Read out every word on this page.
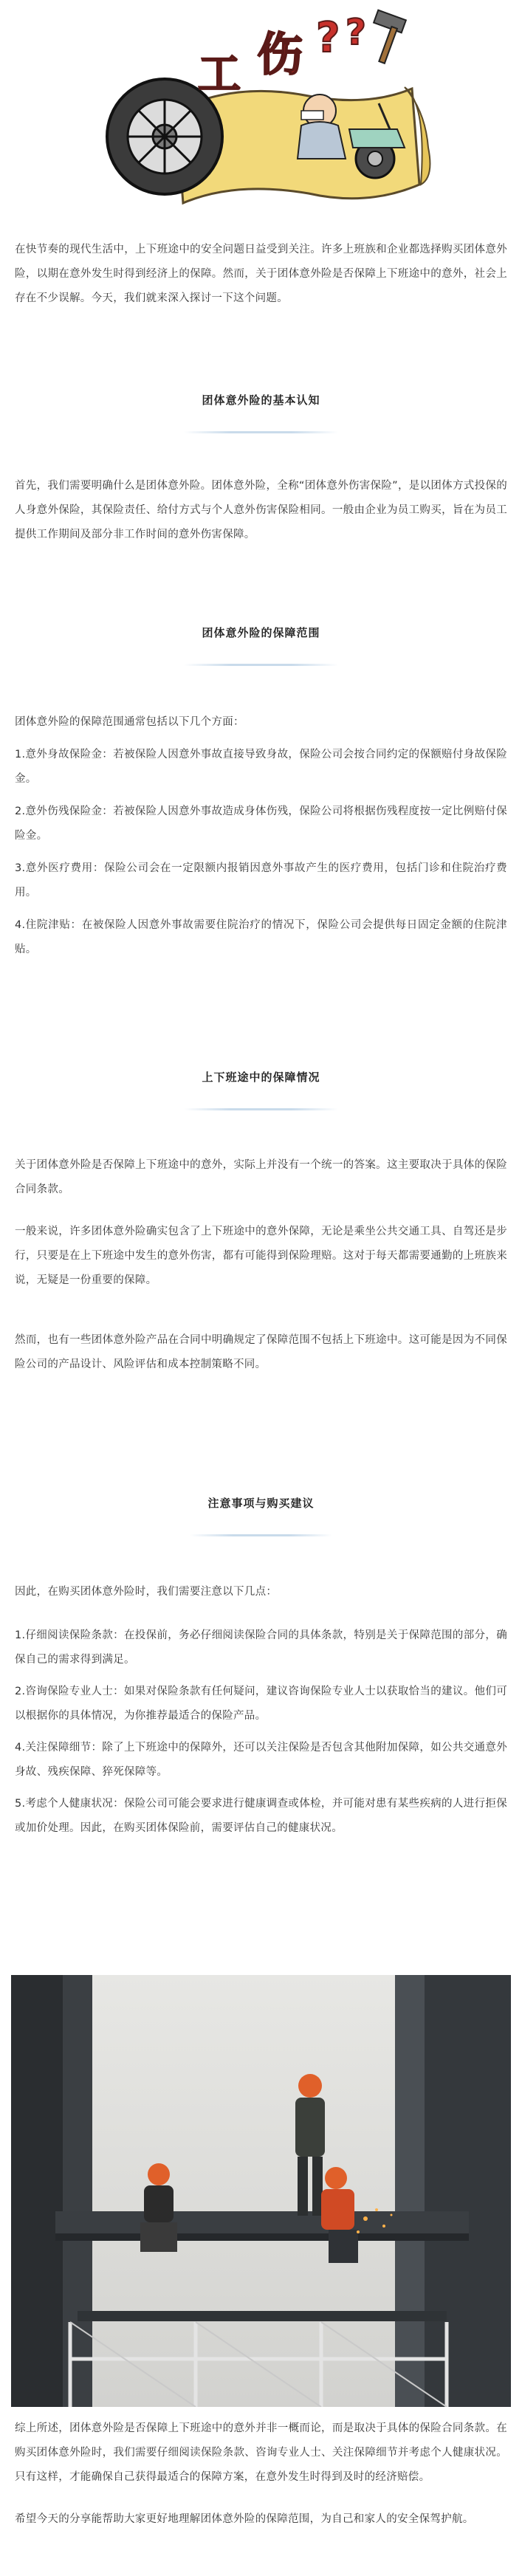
工 伤 ? ?

在快节奏的现代生活中，上下班途中的安全问题日益受到关注。许多上班族和企业都选择购买团体意外险，以期在意外发生时得到经济上的保障。然而，关于团体意外险是否保障上下班途中的意外，社会上存在不少误解。今天，我们就来深入探讨一下这个问题。

团体意外险的基本认知

首先，我们需要明确什么是团体意外险。团体意外险，全称“团体意外伤害保险”，是以团体方式投保的人身意外保险，其保险责任、给付方式与个人意外伤害保险相同。一般由企业为员工购买，旨在为员工提供工作期间及部分非工作时间的意外伤害保障。

团体意外险的保障范围

团体意外险的保障范围通常包括以下几个方面：

1.意外身故保险金：若被保险人因意外事故直接导致身故，保险公司会按合同约定的保额赔付身故保险金。

2.意外伤残保险金：若被保险人因意外事故造成身体伤残，保险公司将根据伤残程度按一定比例赔付保险金。

3.意外医疗费用：保险公司会在一定限额内报销因意外事故产生的医疗费用，包括门诊和住院治疗费用。

4.住院津贴：在被保险人因意外事故需要住院治疗的情况下，保险公司会提供每日固定金额的住院津贴。

上下班途中的保障情况

关于团体意外险是否保障上下班途中的意外，实际上并没有一个统一的答案。这主要取决于具体的保险合同条款。

一般来说，许多团体意外险确实包含了上下班途中的意外保障，无论是乘坐公共交通工具、自驾还是步行，只要是在上下班途中发生的意外伤害，都有可能得到保险理赔。这对于每天都需要通勤的上班族来说，无疑是一份重要的保障。

然而，也有一些团体意外险产品在合同中明确规定了保障范围不包括上下班途中。这可能是因为不同保险公司的产品设计、风险评估和成本控制策略不同。

注意事项与购买建议

因此，在购买团体意外险时，我们需要注意以下几点：

1.仔细阅读保险条款：在投保前，务必仔细阅读保险合同的具体条款，特别是关于保障范围的部分，确保自己的需求得到满足。

2.咨询保险专业人士：如果对保险条款有任何疑问，建议咨询保险专业人士以获取恰当的建议。他们可以根据你的具体情况，为你推荐最适合的保险产品。

4.关注保障细节：除了上下班途中的保障外，还可以关注保险是否包含其他附加保障，如公共交通意外身故、残疾保障、猝死保障等。

5.考虑个人健康状况：保险公司可能会要求进行健康调查或体检，并可能对患有某些疾病的人进行拒保或加价处理。因此，在购买团体保险前，需要评估自己的健康状况。

综上所述，团体意外险是否保障上下班途中的意外并非一概而论，而是取决于具体的保险合同条款。在购买团体意外险时，我们需要仔细阅读保险条款、咨询专业人士、关注保障细节并考虑个人健康状况。只有这样，才能确保自己获得最适合的保障方案，在意外发生时得到及时的经济赔偿。

希望今天的分享能帮助大家更好地理解团体意外险的保障范围，为自己和家人的安全保驾护航。
